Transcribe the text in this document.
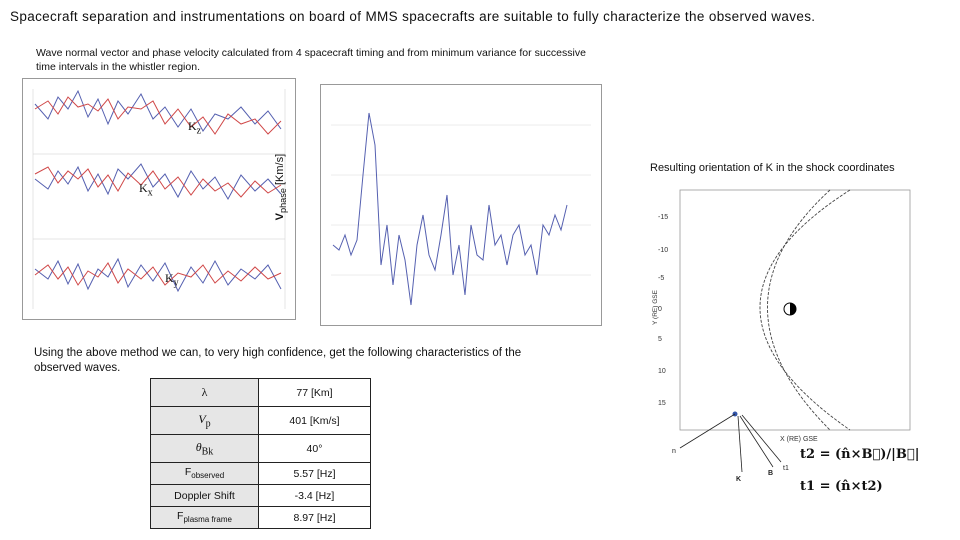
Spacecraft separation and instrumentations on board of MMS spacecrafts are suitable to fully characterize the observed waves.
Wave normal vector and phase velocity calculated from 4 spacecraft timing and from minimum variance for successive time intervals in the whistler region.
$K_z$
$K_x$
$K_y$
$V_{phase}$ [Km/s]
Using the above method we can, to very high confidence, get the following characteristics of the observed waves.
λ	77 [Km]
$V_p$	401 [Km/s]
$\theta_{Bk}$	40°
$F_{observed}$	5.57 [Hz]
Doppler Shift	-3.4 [Hz]
$F_{plasma frame}$	8.97 [Hz]
Resulting orientation of K in the shock coordinates
-15
-10
-5
0
5
10
15
X (RE) GSE
Y (RE) GSE
n
K
B
t1
t2 = (n̂×B⃗)/|B⃗|
t1 = (n̂×t2)
